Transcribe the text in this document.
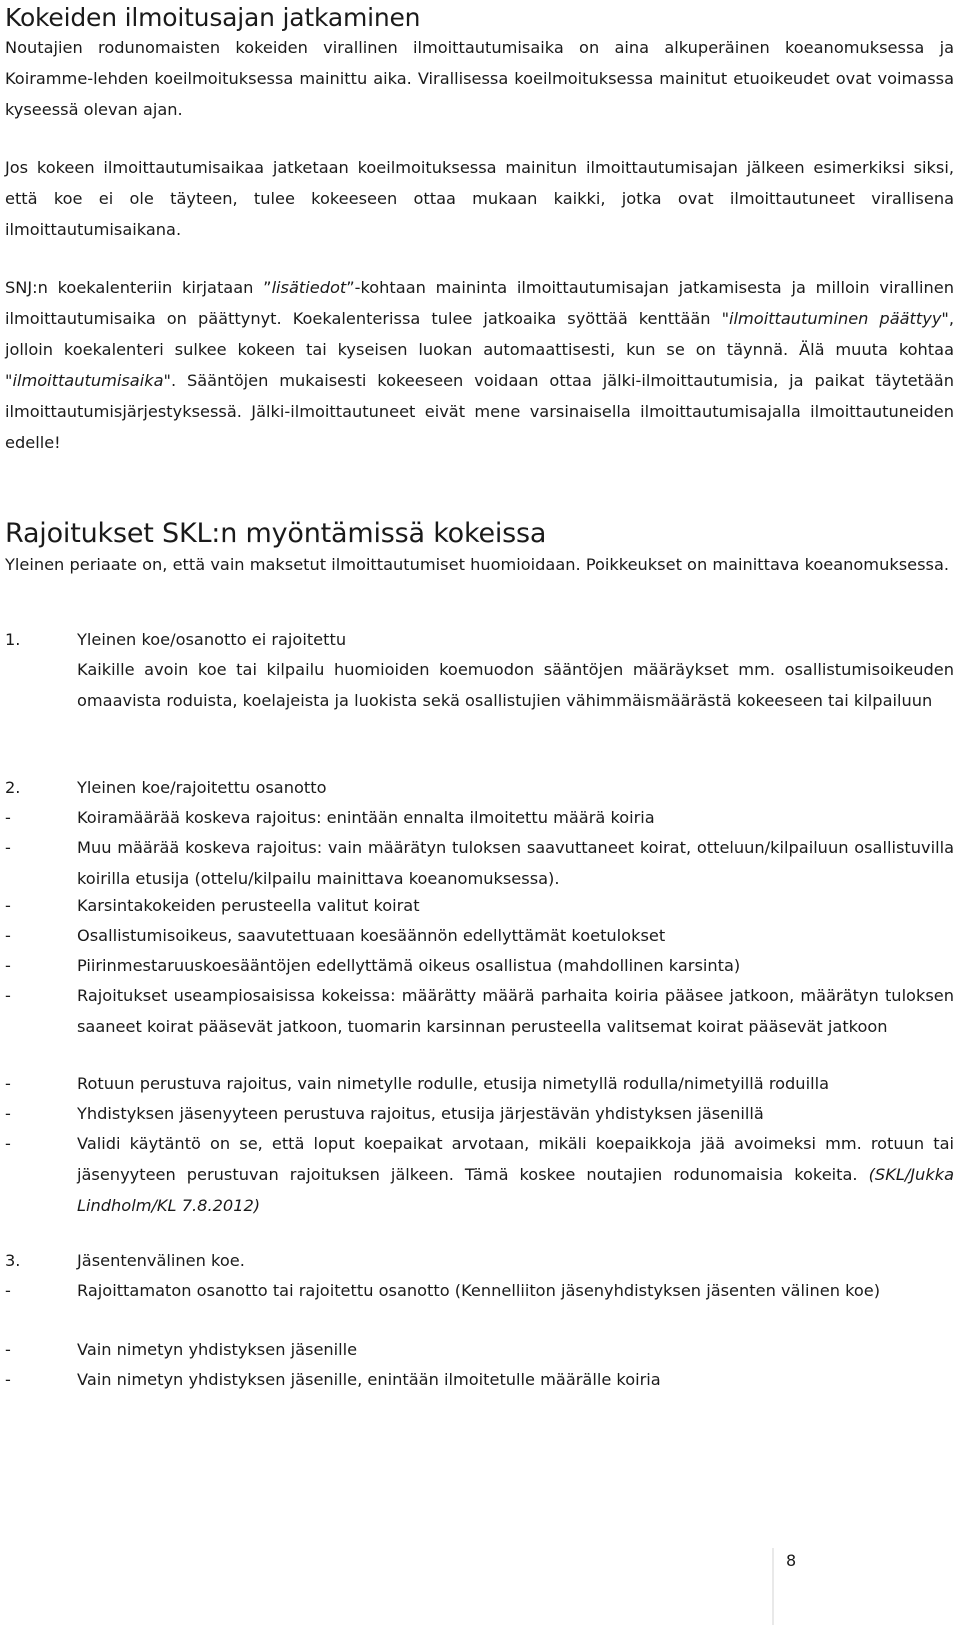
Kokeiden ilmoitusajan jatkaminen

Noutajien rodunomaisten kokeiden virallinen ilmoittautumisaika on aina alkuperäinen koeanomuksessa ja Koiramme-lehden koeilmoituksessa mainittu aika. Virallisessa koeilmoituksessa mainitut etuoikeudet ovat voimassa kyseessä olevan ajan.

Jos kokeen ilmoittautumisaikaa jatketaan koeilmoituksessa mainitun ilmoittautumisajan jälkeen esimerkiksi siksi, että koe ei ole täyteen, tulee kokeeseen ottaa mukaan kaikki, jotka ovat ilmoittautuneet virallisena ilmoittautumisaikana.

SNJ:n koekalenteriin kirjataan ”lisätiedot”-kohtaan maininta ilmoittautumisajan jatkamisesta ja milloin virallinen ilmoittautumisaika on päättynyt. Koekalenterissa tulee jatkoaika syöttää kenttään "ilmoittautuminen päättyy", jolloin koekalenteri sulkee kokeen tai kyseisen luokan automaattisesti, kun se on täynnä. Älä muuta kohtaa "ilmoittautumisaika". Sääntöjen mukaisesti kokeeseen voidaan ottaa jälki-ilmoittautumisia, ja paikat täytetään ilmoittautumisjärjestyksessä. Jälki-ilmoittautuneet eivät mene varsinaisella ilmoittautumisajalla ilmoittautuneiden edelle!

Rajoitukset SKL:n myöntämissä kokeissa

Yleinen periaate on, että vain maksetut ilmoittautumiset huomioidaan. Poikkeukset on mainittava koeanomuksessa.

1.	Yleinen koe/osanotto ei rajoitettu
Kaikille avoin koe tai kilpailu huomioiden koemuodon sääntöjen määräykset mm. osallistumisoikeuden omaavista roduista, koelajeista ja luokista sekä osallistujien vähimmäismäärästä kokeeseen tai kilpailuun
2.	Yleinen koe/rajoitettu osanotto
-	Koiramäärää koskeva rajoitus: enintään ennalta ilmoitettu määrä koiria
-	Muu määrää koskeva rajoitus: vain määrätyn tuloksen saavuttaneet koirat, otteluun/kilpailuun osallistuvilla koirilla etusija (ottelu/kilpailu mainittava koeanomuksessa).
-	Karsintakokeiden perusteella valitut koirat
-	Osallistumisoikeus, saavutettuaan koesäännön edellyttämät koetulokset
-	Piirinmestaruuskoesääntöjen edellyttämä oikeus osallistua (mahdollinen karsinta)
-	Rajoitukset useampiosaisissa kokeissa: määrätty määrä parhaita koiria pääsee jatkoon, määrätyn tuloksen saaneet koirat pääsevät jatkoon, tuomarin karsinnan perusteella valitsemat koirat pääsevät jatkoon
-	Rotuun perustuva rajoitus, vain nimetylle rodulle, etusija nimetyllä rodulla/nimetyillä roduilla
-	Yhdistyksen jäsenyyteen perustuva rajoitus, etusija järjestävän yhdistyksen jäsenillä
-	Validi käytäntö on se, että loput koepaikat arvotaan, mikäli koepaikkoja jää avoimeksi mm. rotuun tai jäsenyyteen perustuvan rajoituksen jälkeen. Tämä koskee noutajien rodunomaisia kokeita. (SKL/Jukka Lindholm/KL 7.8.2012)
3.	Jäsentenvälinen koe.
-	Rajoittamaton osanotto tai rajoitettu osanotto (Kennelliiton jäsenyhdistyksen jäsenten välinen koe)
-	Vain nimetyn yhdistyksen jäsenille
-	Vain nimetyn yhdistyksen jäsenille, enintään ilmoitetulle määrälle koiria
8
